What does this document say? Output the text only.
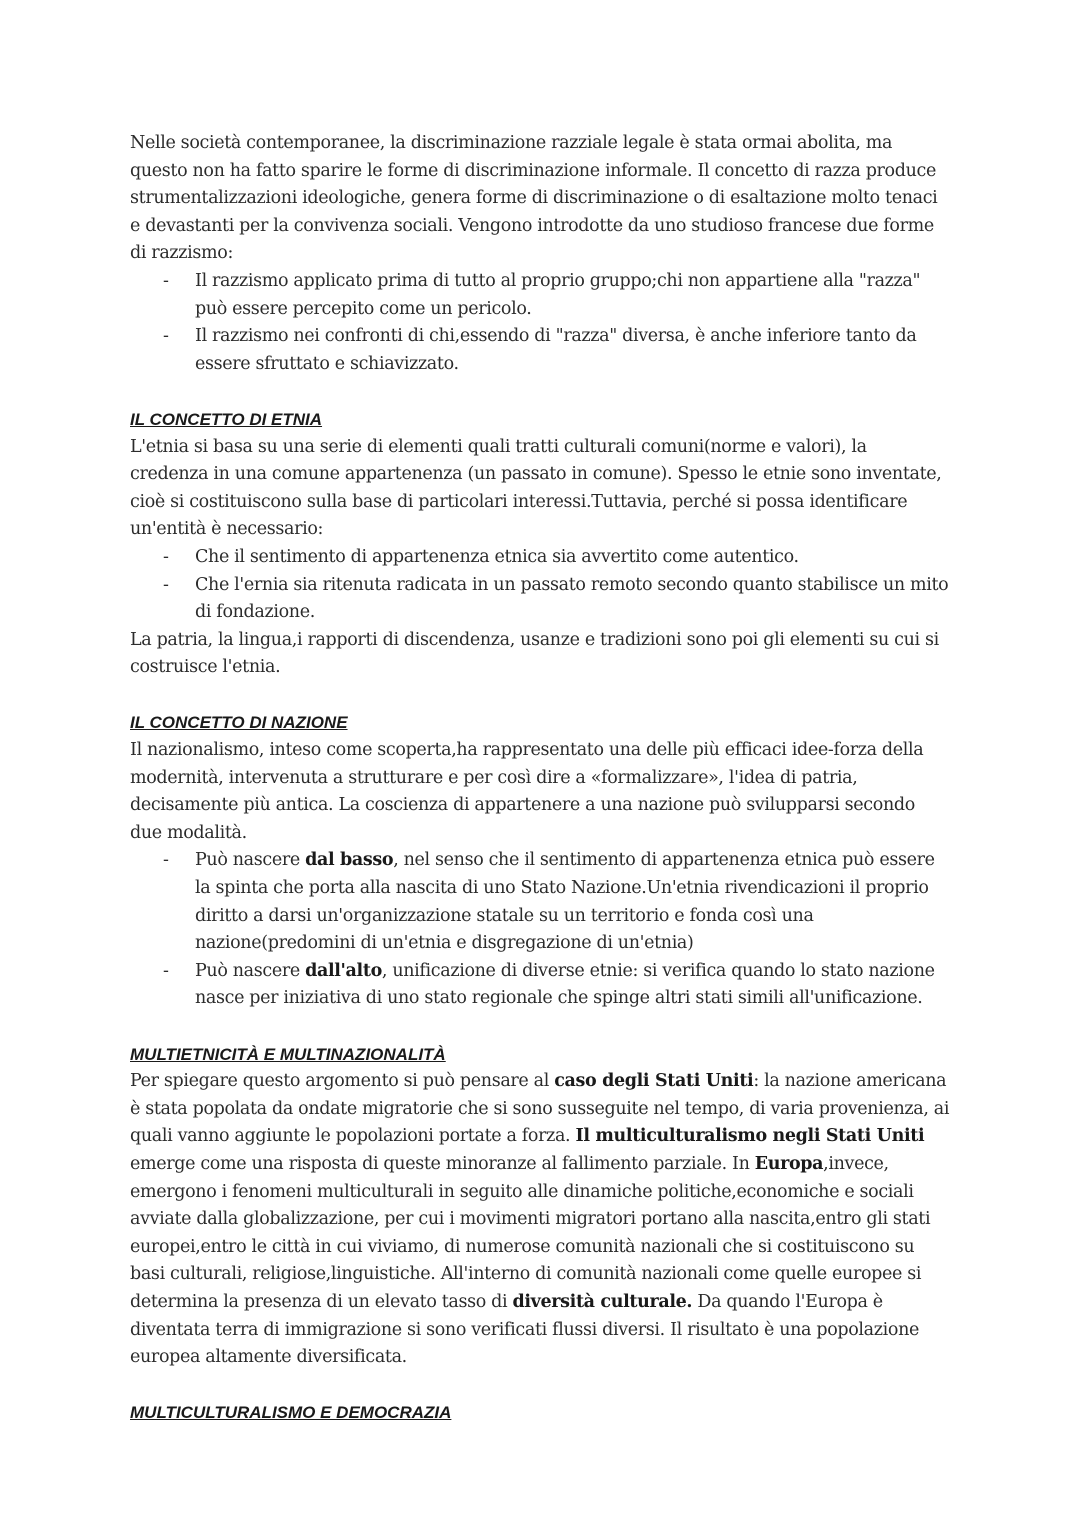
Nelle società contemporanee, la discriminazione razziale legale è stata ormai abolita, ma questo non ha fatto sparire le forme di discriminazione informale. Il concetto di razza produce strumentalizzazioni ideologiche, genera forme di discriminazione o di esaltazione molto tenaci e devastanti per la convivenza sociali. Vengono introdotte da uno studioso francese due forme di razzismo:

- Il razzismo applicato prima di tutto al proprio gruppo;chi non appartiene alla "razza" può essere percepito come un pericolo.
- Il razzismo nei confronti di chi,essendo di "razza" diversa, è anche inferiore tanto da essere sfruttato e schiavizzato.
IL CONCETTO DI ETNIA

L'etnia si basa su una serie di elementi quali tratti culturali comuni(norme e valori), la credenza in una comune appartenenza (un passato in comune). Spesso le etnie sono inventate, cioè si costituiscono sulla base di particolari interessi.Tuttavia, perché si possa identificare un'entità è necessario:

- Che il sentimento di appartenenza etnica sia avvertito come autentico.
- Che l'ernia sia ritenuta radicata in un passato remoto secondo quanto stabilisce un mito di fondazione.

La patria, la lingua,i rapporti di discendenza, usanze e tradizioni sono poi gli elementi su cui si costruisce l'etnia.

IL CONCETTO DI NAZIONE

Il nazionalismo, inteso come scoperta,ha rappresentato una delle più efficaci idee-forza della modernità, intervenuta a strutturare e per così dire a «formalizzare», l'idea di patria, decisamente più antica. La coscienza di appartenere a una nazione può svilupparsi secondo due modalità.

- Può nascere dal basso, nel senso che il sentimento di appartenenza etnica può essere la spinta che porta alla nascita di uno Stato Nazione.Un'etnia rivendicazioni il proprio diritto a darsi un'organizzazione statale su un territorio e fonda così una nazione(predomini di un'etnia e disgregazione di un'etnia)
- Può nascere dall'alto, unificazione di diverse etnie: si verifica quando lo stato nazione nasce per iniziativa di uno stato regionale che spinge altri stati simili all'unificazione.
MULTIETNICITÀ E MULTINAZIONALITÀ

Per spiegare questo argomento si può pensare al caso degli Stati Uniti: la nazione americana è stata popolata da ondate migratorie che si sono susseguite nel tempo, di varia provenienza, ai quali vanno aggiunte le popolazioni portate a forza. Il multiculturalismo negli Stati Uniti emerge come una risposta di queste minoranze al fallimento parziale. In Europa,invece, emergono i fenomeni multiculturali in seguito alle dinamiche politiche,economiche e sociali avviate dalla globalizzazione, per cui i movimenti migratori portano alla nascita,entro gli stati europei,entro le città in cui viviamo, di numerose comunità nazionali che si costituiscono su basi culturali, religiose,linguistiche. All'interno di comunità nazionali come quelle europee si determina la presenza di un elevato tasso di diversità culturale. Da quando l'Europa è diventata terra di immigrazione si sono verificati flussi diversi. Il risultato è una popolazione europea altamente diversificata.

MULTICULTURALISMO E DEMOCRAZIA
